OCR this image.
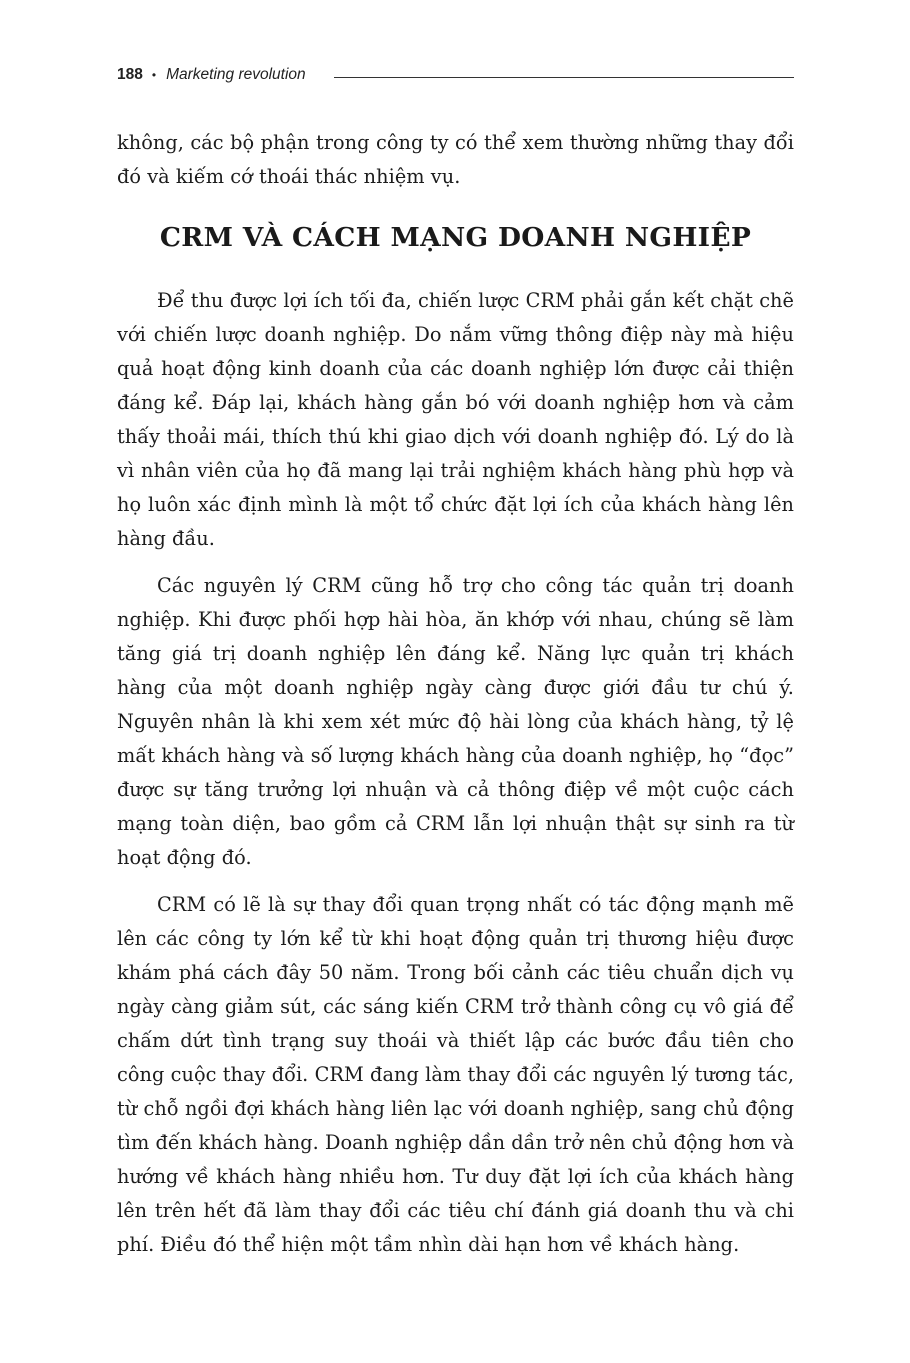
188 • Marketing revolution

không, các bộ phận trong công ty có thể xem thường những thay đổi đó và kiếm cớ thoái thác nhiệm vụ.

CRM VÀ CÁCH MẠNG DOANH NGHIỆP

Để thu được lợi ích tối đa, chiến lược CRM phải gắn kết chặt chẽ với chiến lược doanh nghiệp. Do nắm vững thông điệp này mà hiệu quả hoạt động kinh doanh của các doanh nghiệp lớn được cải thiện đáng kể. Đáp lại, khách hàng gắn bó với doanh nghiệp hơn và cảm thấy thoải mái, thích thú khi giao dịch với doanh nghiệp đó. Lý do là vì nhân viên của họ đã mang lại trải nghiệm khách hàng phù hợp và họ luôn xác định mình là một tổ chức đặt lợi ích của khách hàng lên hàng đầu.

Các nguyên lý CRM cũng hỗ trợ cho công tác quản trị doanh nghiệp. Khi được phối hợp hài hòa, ăn khớp với nhau, chúng sẽ làm tăng giá trị doanh nghiệp lên đáng kể. Năng lực quản trị khách hàng của một doanh nghiệp ngày càng được giới đầu tư chú ý. Nguyên nhân là khi xem xét mức độ hài lòng của khách hàng, tỷ lệ mất khách hàng và số lượng khách hàng của doanh nghiệp, họ “đọc” được sự tăng trưởng lợi nhuận và cả thông điệp về một cuộc cách mạng toàn diện, bao gồm cả CRM lẫn lợi nhuận thật sự sinh ra từ hoạt động đó.

CRM có lẽ là sự thay đổi quan trọng nhất có tác động mạnh mẽ lên các công ty lớn kể từ khi hoạt động quản trị thương hiệu được khám phá cách đây 50 năm. Trong bối cảnh các tiêu chuẩn dịch vụ ngày càng giảm sút, các sáng kiến CRM trở thành công cụ vô giá để chấm dứt tình trạng suy thoái và thiết lập các bước đầu tiên cho công cuộc thay đổi. CRM đang làm thay đổi các nguyên lý tương tác, từ chỗ ngồi đợi khách hàng liên lạc với doanh nghiệp, sang chủ động tìm đến khách hàng. Doanh nghiệp dần dần trở nên chủ động hơn và hướng về khách hàng nhiều hơn. Tư duy đặt lợi ích của khách hàng lên trên hết đã làm thay đổi các tiêu chí đánh giá doanh thu và chi phí. Điều đó thể hiện một tầm nhìn dài hạn hơn về khách hàng.
